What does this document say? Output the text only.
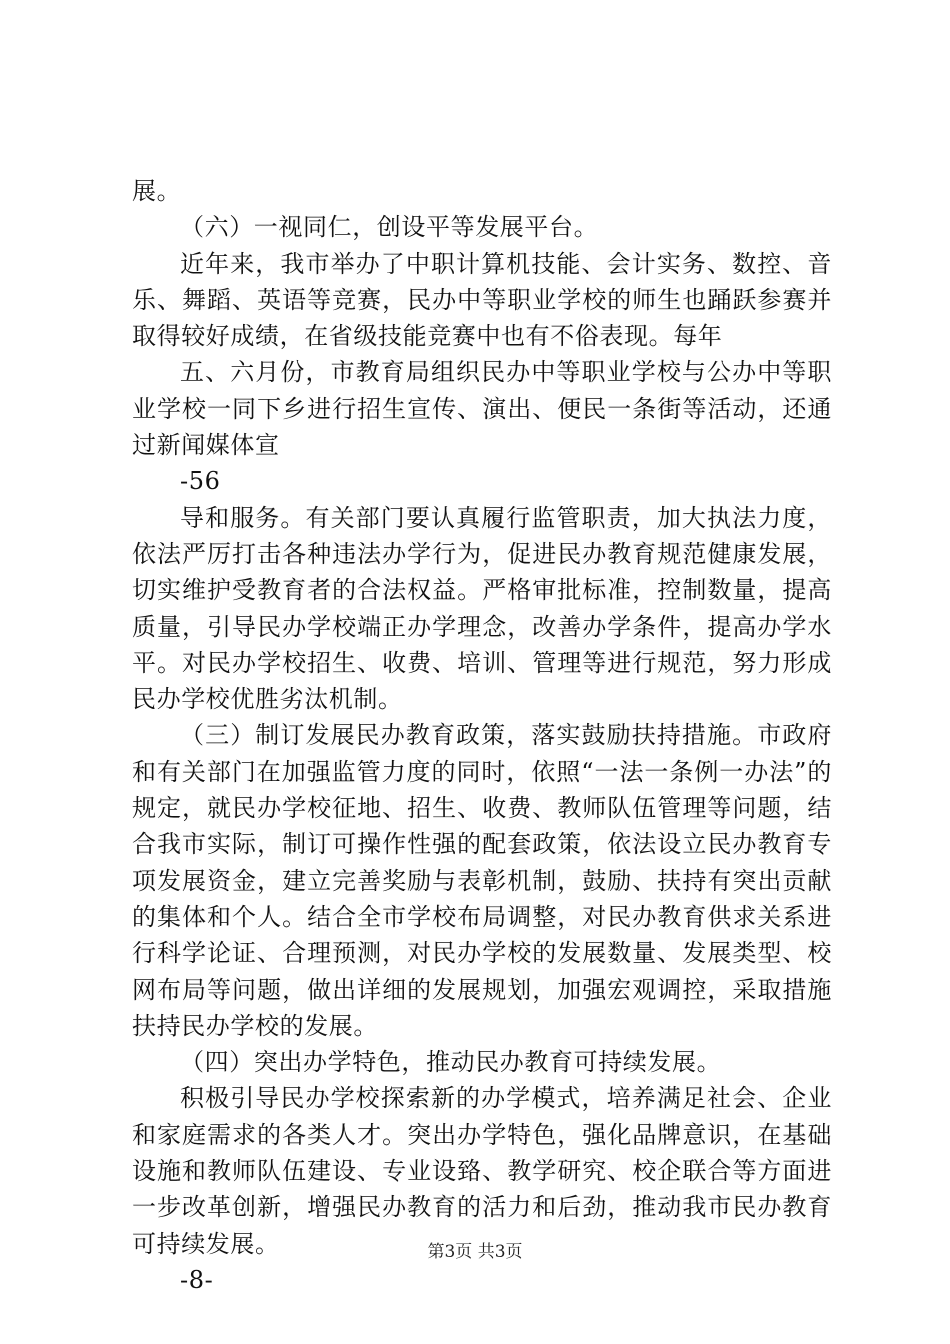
展。

（六）一视同仁，创设平等发展平台。

近年来，我市举办了中职计算机技能、会计实务、数控、音乐、舞蹈、英语等竞赛，民办中等职业学校的师生也踊跃参赛并取得较好成绩，在省级技能竞赛中也有不俗表现。每年

五、六月份，市教育局组织民办中等职业学校与公办中等职业学校一同下乡进行招生宣传、演出、便民一条街等活动，还通过新闻媒体宣

-56

导和服务。有关部门要认真履行监管职责，加大执法力度，依法严厉打击各种违法办学行为，促进民办教育规范健康发展，切实维护受教育者的合法权益。严格审批标准，控制数量，提高质量，引导民办学校端正办学理念，改善办学条件，提高办学水平。对民办学校招生、收费、培训、管理等进行规范，努力形成民办学校优胜劣汰机制。

（三）制订发展民办教育政策，落实鼓励扶持措施。市政府和有关部门在加强监管力度的同时，依照“一法一条例一办法”的规定，就民办学校征地、招生、收费、教师队伍管理等问题，结合我市实际，制订可操作性强的配套政策，依法设立民办教育专项发展资金，建立完善奖励与表彰机制，鼓励、扶持有突出贡献的集体和个人。结合全市学校布局调整，对民办教育供求关系进行科学论证、合理预测，对民办学校的发展数量、发展类型、校网布局等问题，做出详细的发展规划，加强宏观调控，采取措施扶持民办学校的发展。

（四）突出办学特色，推动民办教育可持续发展。

积极引导民办学校探索新的办学模式，培养满足社会、企业和家庭需求的各类人才。突出办学特色，强化品牌意识，在基础设施和教师队伍建设、专业设臵、教学研究、校企联合等方面进一步改革创新，增强民办教育的活力和后劲，推动我市民办教育可持续发展。

-8-

第3页 共3页
